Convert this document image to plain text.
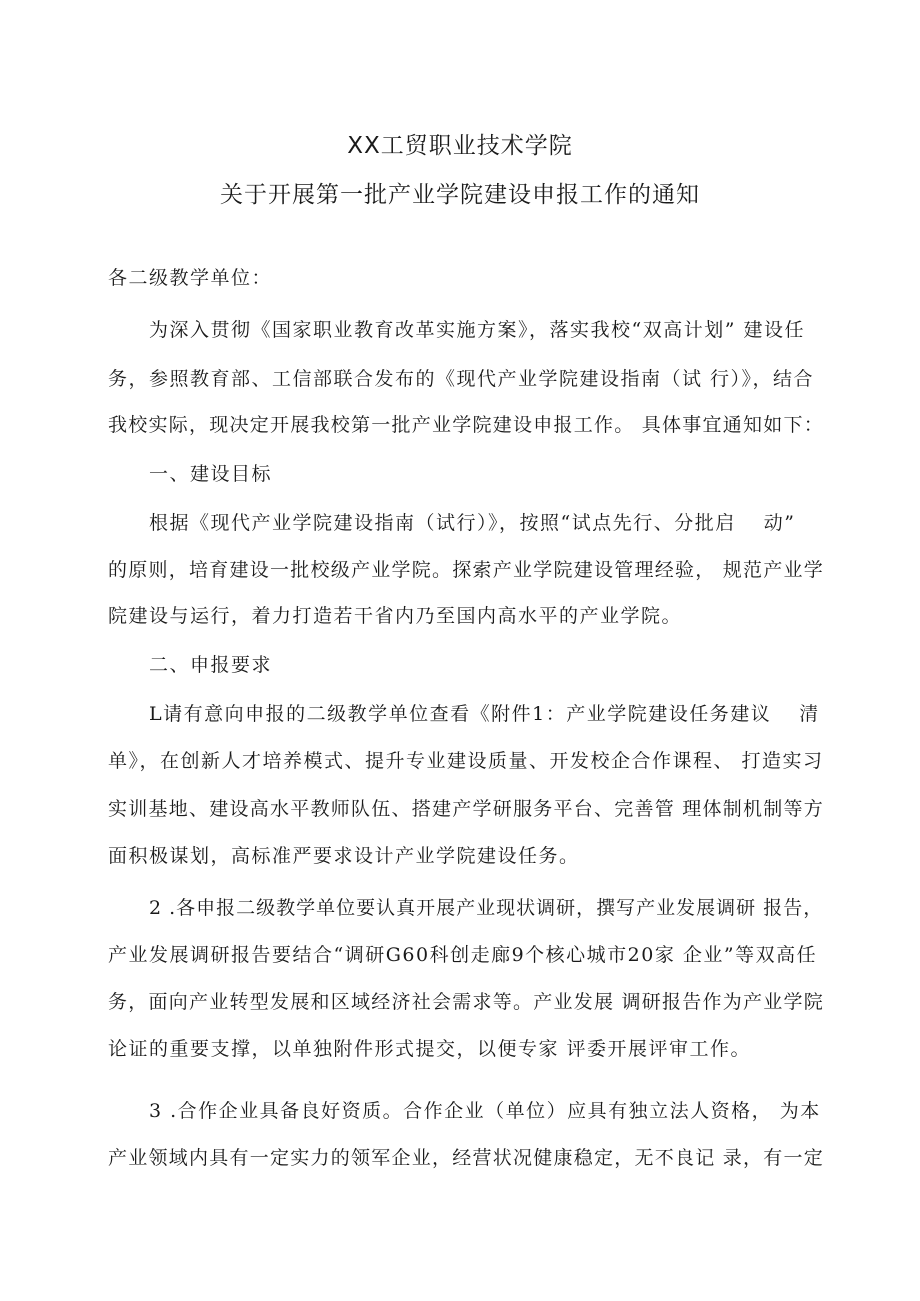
XX工贸职业技术学院
关于开展第一批产业学院建设申报工作的通知
各二级教学单位：
为深入贯彻《国家职业教育改革实施方案》，落实我校“双高计划” 建设任
务，参照教育部、工信部联合发布的《现代产业学院建设指南（试 行）》，结合
我校实际，现决定开展我校第一批产业学院建设申报工作。 具体事宜通知如下：
一、建设目标
根据《现代产业学院建设指南（试行）》，按照“试点先行、分批启　 动”
的原则，培育建设一批校级产业学院。探索产业学院建设管理经验， 规范产业学
院建设与运行，着力打造若干省内乃至国内高水平的产业学院。
二、申报要求
L请有意向申报的二级教学单位查看《附件1：产业学院建设任务建议　 清
单》，在创新人才培养模式、提升专业建设质量、开发校企合作课程、 打造实习
实训基地、建设高水平教师队伍、搭建产学研服务平台、完善管 理体制机制等方
面积极谋划，高标准严要求设计产业学院建设任务。
2 .各申报二级教学单位要认真开展产业现状调研，撰写产业发展调研 报告，
产业发展调研报告要结合“调研G60科创走廊9个核心城市20家 企业”等双高任
务，面向产业转型发展和区域经济社会需求等。产业发展 调研报告作为产业学院
论证的重要支撑，以单独附件形式提交，以便专家 评委开展评审工作。
3 .合作企业具备良好资质。合作企业（单位）应具有独立法人资格， 为本
产业领域内具有一定实力的领军企业，经营状况健康稳定，无不良记 录，有一定
